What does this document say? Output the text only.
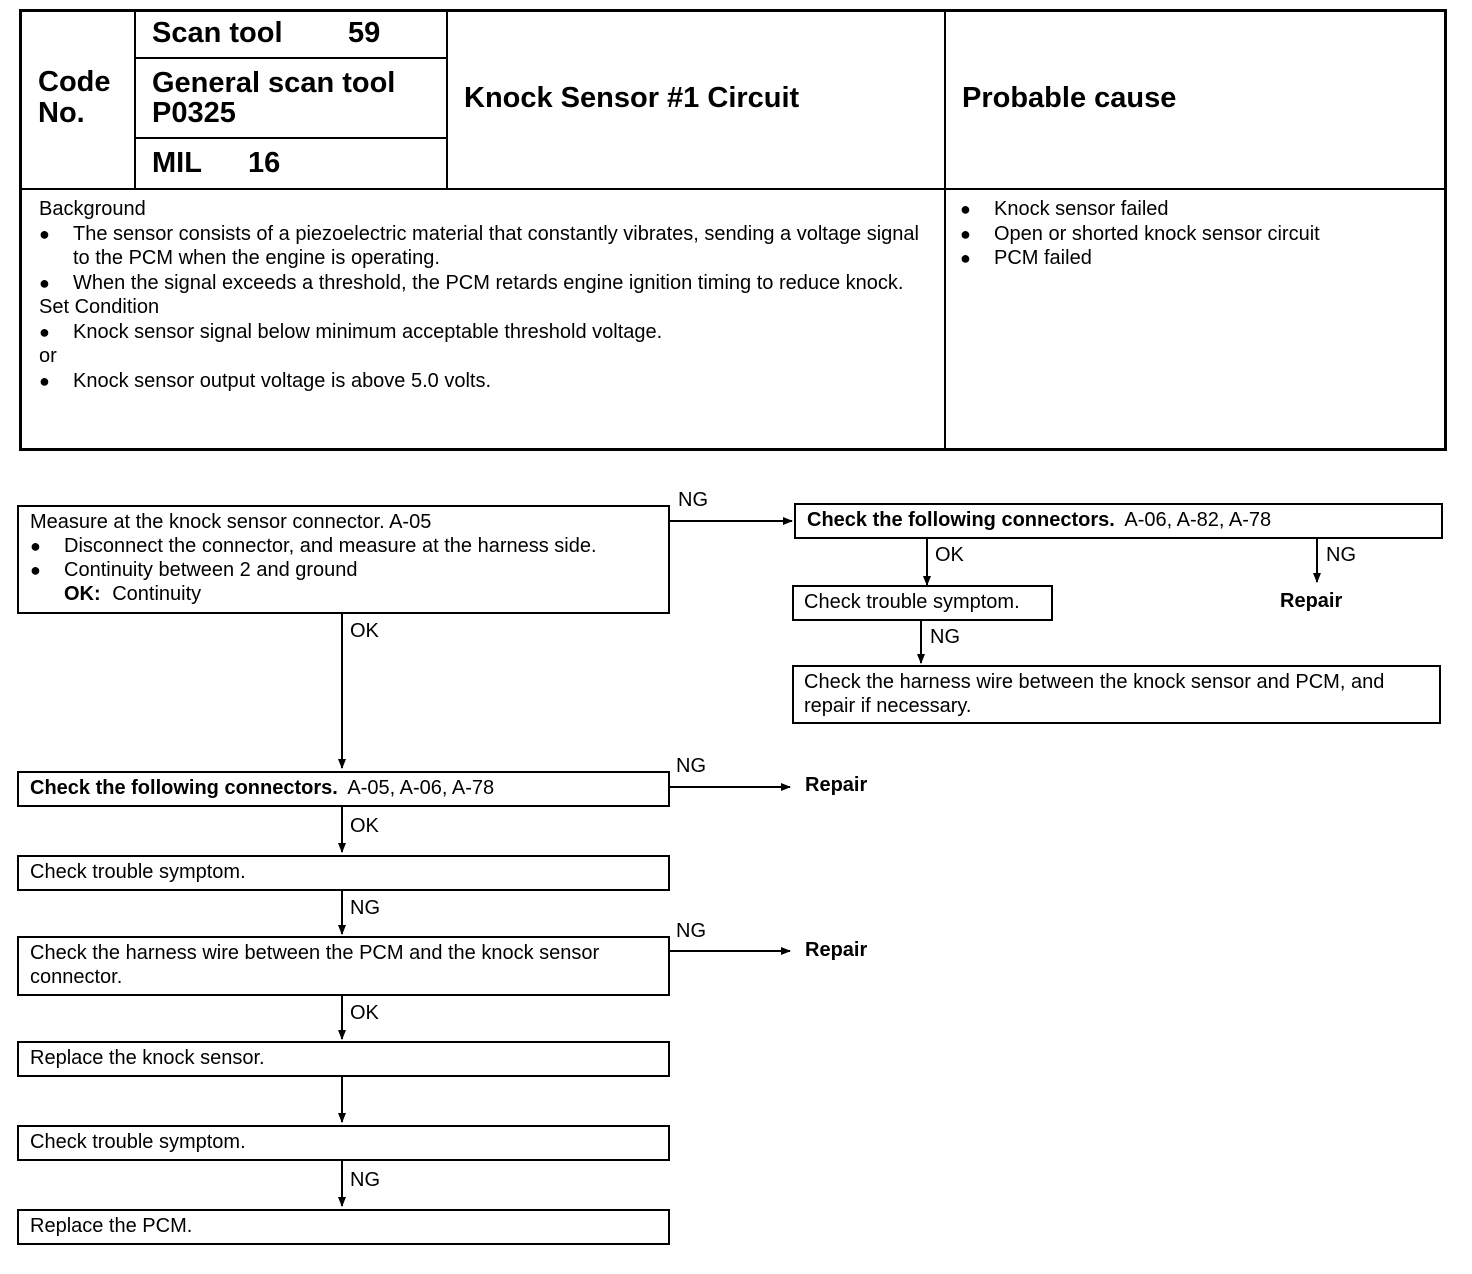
Code No.
Scan tool 59
General scan tool
P0325
MIL 16
Knock Sensor #1 Circuit	Probable cause
Background
● The sensor consists of a piezoelectric material that constantly vibrates, sending a voltage signal to the PCM when the engine is operating.
● When the signal exceeds a threshold, the PCM retards engine ignition timing to reduce knock.
Set Condition
● Knock sensor signal below minimum acceptable threshold voltage.
or
● Knock sensor output voltage is above 5.0 volts.
● Knock sensor failed
● Open or shorted knock sensor circuit
● PCM failed
Measure at the knock sensor connector. A-05
● Disconnect the connector, and measure at the harness side.
● Continuity between 2 and ground
OK: Continuity
Check the following connectors. A-06, A-82, A-78
Check trouble symptom.
Check the harness wire between the knock sensor and PCM, and repair if necessary.
Check the following connectors. A-05, A-06, A-78
Check trouble symptom.
Check the harness wire between the PCM and the knock sensor connector.
Replace the knock sensor.
Check trouble symptom.
Replace the PCM.
NG
OK	NG
Repair
NG
OK
NG
Repair
OK
NG
NG
Repair
OK
NG
